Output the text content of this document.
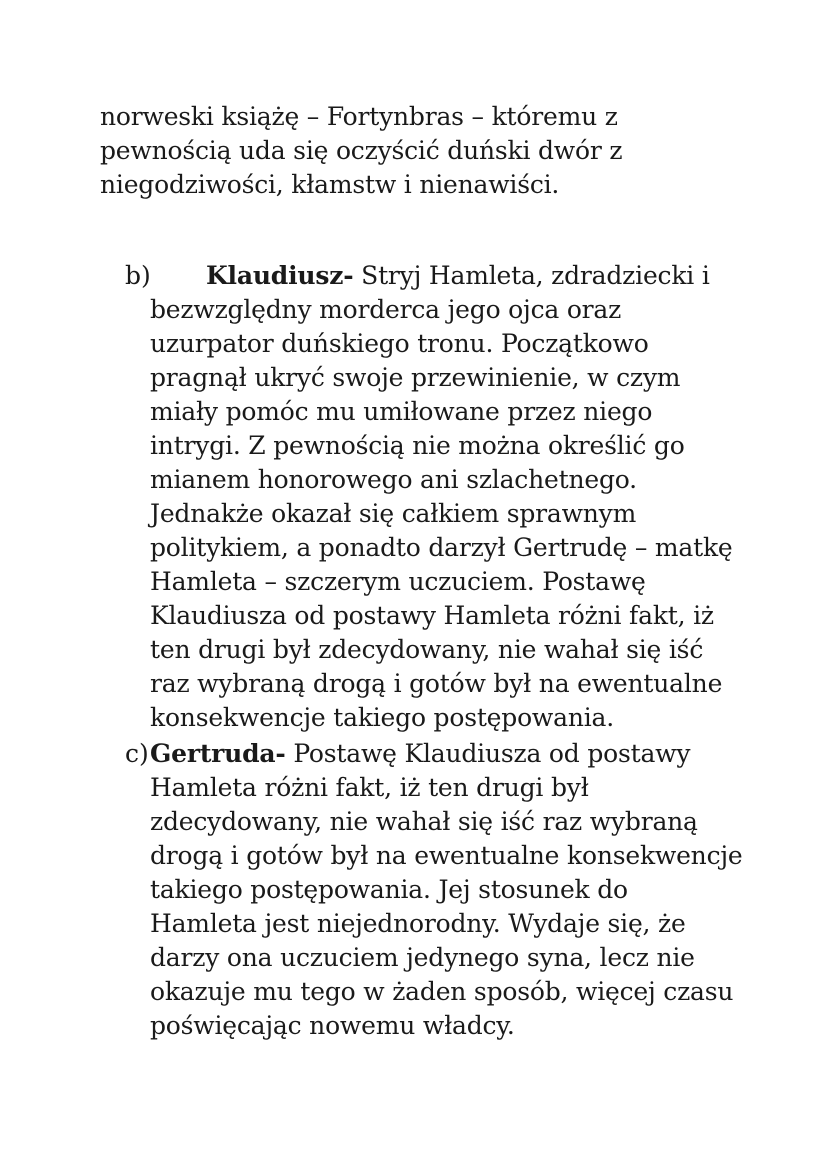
norweski książę – Fortynbras – któremu z
pewnością uda się oczyścić duński dwór z
niegodziwości, kłamstw i nienawiści.
b) Klaudiusz- Stryj Hamleta, zdradziecki i
bezwzględny morderca jego ojca oraz
uzurpator duńskiego tronu. Początkowo
pragnął ukryć swoje przewinienie, w czym
miały pomóc mu umiłowane przez niego
intrygi. Z pewnością nie można określić go
mianem honorowego ani szlachetnego.
Jednakże okazał się całkiem sprawnym
politykiem, a ponadto darzył Gertrudę – matkę
Hamleta – szczerym uczuciem. Postawę
Klaudiusza od postawy Hamleta różni fakt, iż
ten drugi był zdecydowany, nie wahał się iść
raz wybraną drogą i gotów był na ewentualne
konsekwencje takiego postępowania.
c) Gertruda- Postawę Klaudiusza od postawy
Hamleta różni fakt, iż ten drugi był
zdecydowany, nie wahał się iść raz wybraną
drogą i gotów był na ewentualne konsekwencje
takiego postępowania. Jej stosunek do
Hamleta jest niejednorodny. Wydaje się, że
darzy ona uczuciem jedynego syna, lecz nie
okazuje mu tego w żaden sposób, więcej czasu
poświęcając nowemu władcy.
